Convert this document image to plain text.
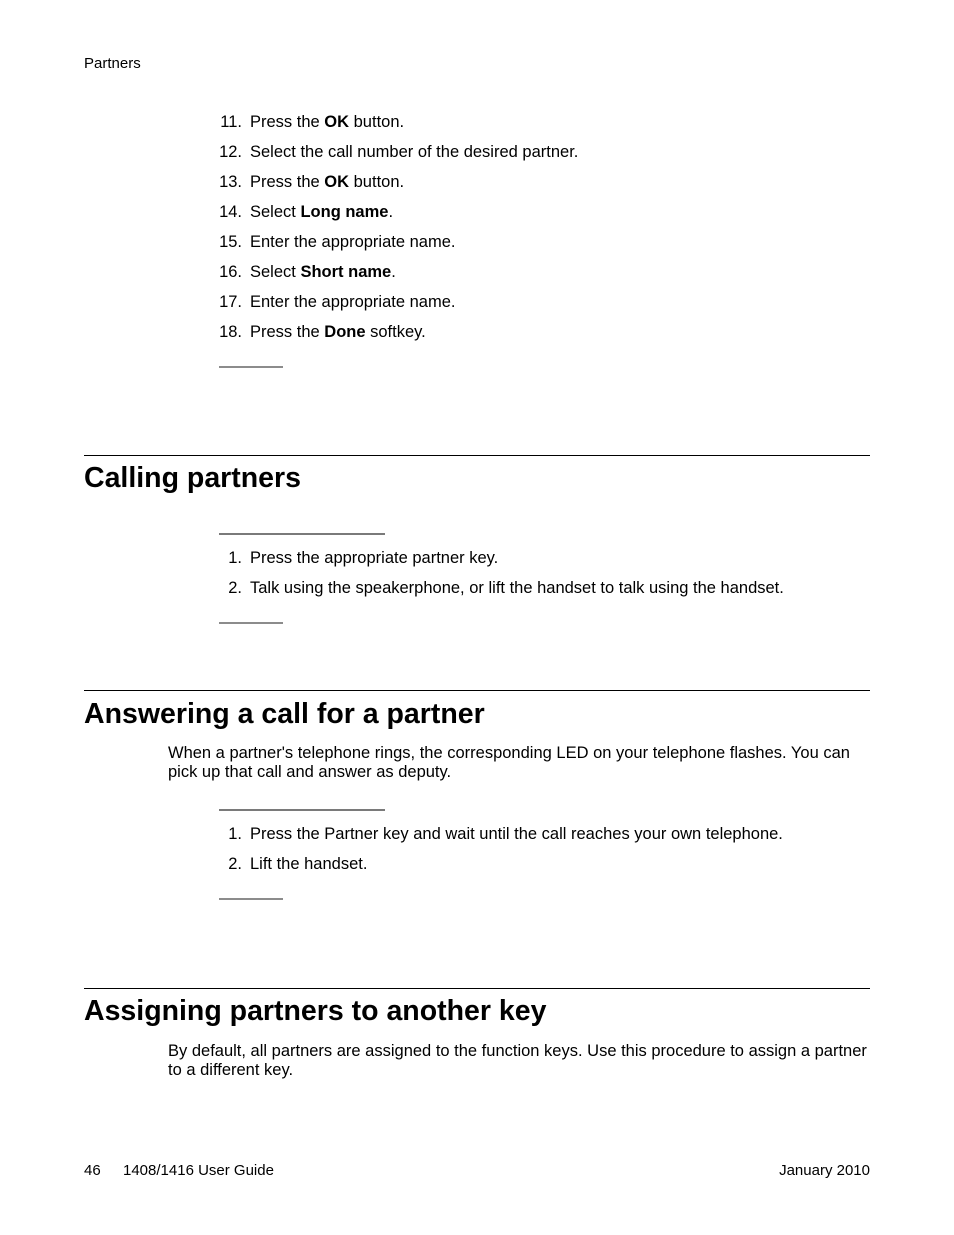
Partners
11. Press the OK button.
12. Select the call number of the desired partner.
13. Press the OK button.
14. Select Long name.
15. Enter the appropriate name.
16. Select Short name.
17. Enter the appropriate name.
18. Press the Done softkey.
Calling partners
1. Press the appropriate partner key.
2. Talk using the speakerphone, or lift the handset to talk using the handset.
Answering a call for a partner

When a partner's telephone rings, the corresponding LED on your telephone flashes. You can pick up that call and answer as deputy.

1. Press the Partner key and wait until the call reaches your own telephone.
2. Lift the handset.
Assigning partners to another key

By default, all partners are assigned to the function keys. Use this procedure to assign a partner to a different key.

46 1408/1416 User Guide	January 2010
